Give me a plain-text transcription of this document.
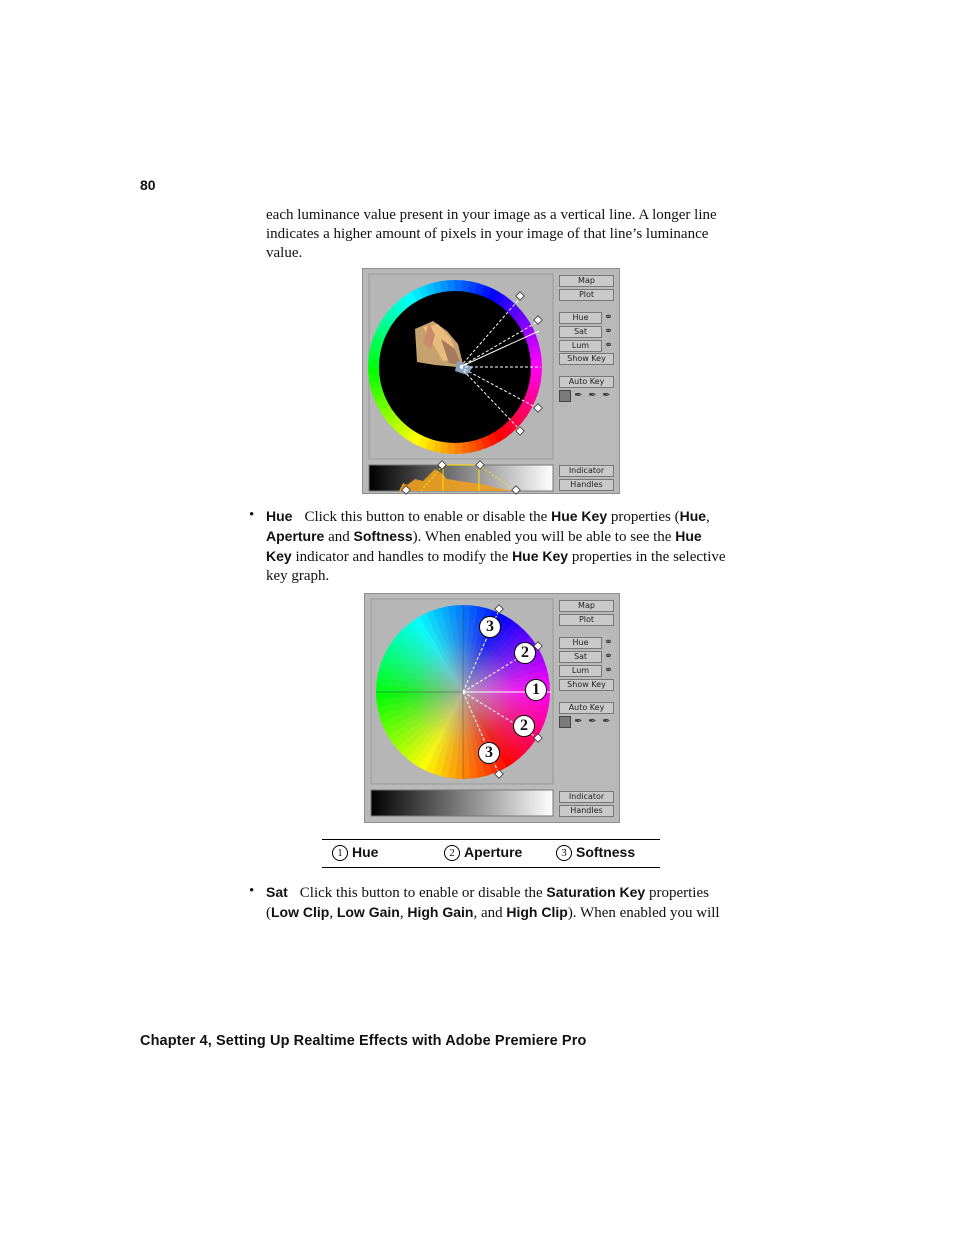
80
each luminance value present in your image as a vertical line. A longer line
indicates a higher amount of pixels in your image of that line’s luminance
value.
Map
Plot
Hue	⚭
Sat	⚭
Lum	⚭
Show Key
Auto Key
✒ ✒ ✒
Indicator
Handles
• Hue Click this button to enable or disable the Hue Key properties (Hue,
Aperture and Softness). When enabled you will be able to see the Hue
Key indicator and handles to modify the Hue Key properties in the selective
key graph.
3
2
1
2
3
Map
Plot
Hue	⚭
Sat	⚭
Lum	⚭
Show Key
Auto Key
✒ ✒ ✒
Indicator
Handles
1 Hue	2 Aperture	3 Softness
• Sat Click this button to enable or disable the Saturation Key properties
(Low Clip, Low Gain, High Gain, and High Clip). When enabled you will
Chapter 4, Setting Up Realtime Effects with Adobe Premiere Pro
